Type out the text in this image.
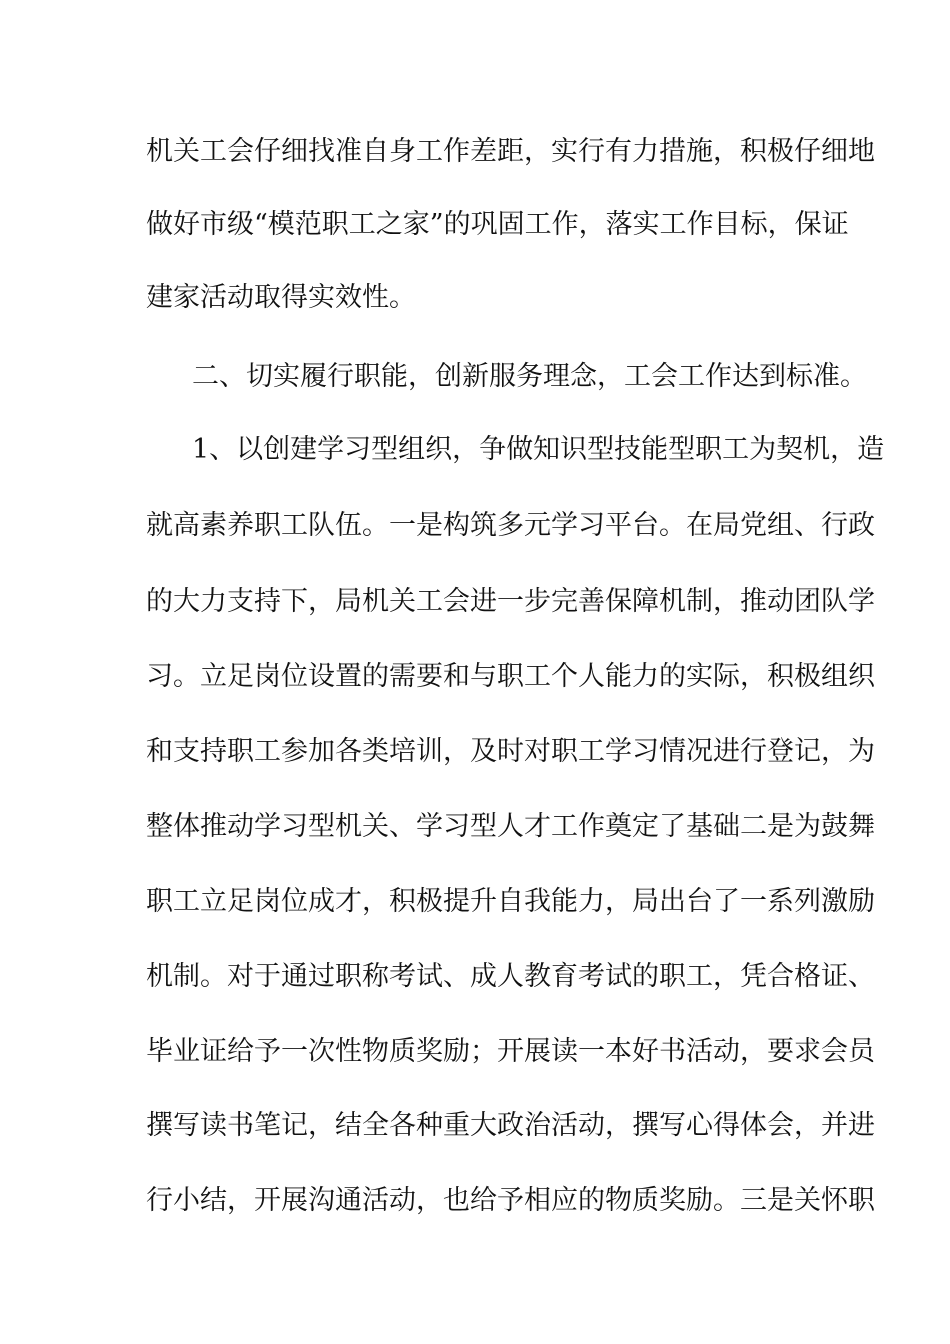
机关工会仔细找准自身工作差距，实行有力措施，积极仔细地
做好市级“模范职工之家”的巩固工作，落实工作目标，保证
建家活动取得实效性。
二、切实履行职能，创新服务理念，工会工作达到标准。
1、以创建学习型组织，争做知识型技能型职工为契机，造
就高素养职工队伍。一是构筑多元学习平台。在局党组、行政
的大力支持下，局机关工会进一步完善保障机制，推动团队学
习。立足岗位设置的需要和与职工个人能力的实际，积极组织
和支持职工参加各类培训，及时对职工学习情况进行登记，为
整体推动学习型机关、学习型人才工作奠定了基础二是为鼓舞
职工立足岗位成才，积极提升自我能力，局出台了一系列激励
机制。对于通过职称考试、成人教育考试的职工，凭合格证、
毕业证给予一次性物质奖励；开展读一本好书活动，要求会员
撰写读书笔记，结全各种重大政治活动，撰写心得体会，并进
行小结，开展沟通活动，也给予相应的物质奖励。三是关怀职
